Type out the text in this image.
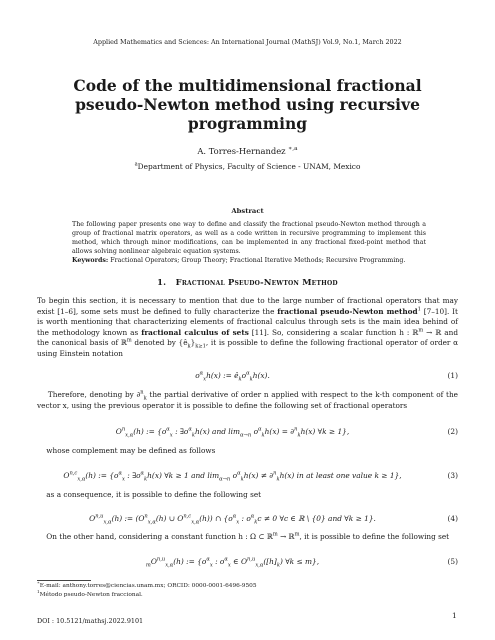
Applied Mathematics and Sciences: An International Journal (MathSJ) Vol.9, No.1, March 2022
Code of the multidimensional fractional pseudo-Newton method using recursive programming
A. Torres-Hernandez $^{∗,a}$
$^a$Department of Physics, Faculty of Science - UNAM, Mexico
Abstract
The following paper presents one way to define and classify the fractional pseudo-Newton method through a group of fractional matrix operators, as well as a code written in recursive programming to implement this method, which through minor modifications, can be implemented in any fractional fixed-point method that allows solving nonlinear algebraic equation systems.
Keywords: Fractional Operators; Group Theory; Fractional Iterative Methods; Recursive Programming.
1. Fractional Pseudo-Newton Method
To begin this section, it is necessary to mention that due to the large number of fractional operators that may exist [1–6], some sets must be defined to fully characterize the fractional pseudo-Newton method$^1$ [7–10]. It is worth mentioning that characterizing elements of fractional calculus through sets is the main idea behind of the methodology known as fractional calculus of sets [11]. So, considering a scalar function h : ℝ$^m$ → ℝ and the canonical basis of ℝ$^m$ denoted by $\{ê_k\}_{k\ge 1}$, it is possible to define the following fractional operator of order α using Einstein notation
$o^\alpha_xh(x)$ := $ê_ko^\alpha_kh(x)$.	(1)
Therefore, denoting by ∂$^n_k$ the partial derivative of order n applied with respect to the k-th component of the vector x, using the previous operator it is possible to define the following set of fractional operators
$O^n_{x,\alpha}(h)$ := {$o^\alpha_x$ : $\exists o^\alpha_kh(x)$ and $\lim_{\alpha\to n} o^\alpha_kh(x) = \partial^n_kh(x)$ ∀k ≥ 1},	(2)
whose complement may be defined as follows
O$^{n,c}_{x,\alpha}$(h) := {$o^\alpha_x$ : $\exists o^\alpha_kh(x)$ ∀k ≥ 1 and $\lim_{\alpha\to n} o^\alpha_kh(x) \ne \partial^n_kh(x)$ in at least one value k ≥ 1},	(3)
as a consequence, it is possible to define the following set
O$^{n,u}_{x,\alpha}$(h) := ($O^n_{x,\alpha}(h)$ ∪ O$^{n,c}_{x,\alpha}$(h)) ∩ {$o^\alpha_x$ : $o^\alpha_kc \ne 0$ ∀c ∈ ℝ \ {0} and ∀k ≥ 1}.	(4)
On the other hand, considering a constant function h : Ω ⊂ ℝ$^m$ → ℝ$^m$, it is possible to define the following set
$_mO^{n,u}_{x,\alpha}(h)$ := {$o^\alpha_x$ : $o^\alpha_x$ ∈ $O^{n,u}_{x,\alpha}([h]_k)$ ∀k ≤ m},	(5)
∗E-mail: anthony.torres@ciencias.unam.mx; ORCID: 0000-0001-6496-9505
$^1$Método pseudo-Newton fraccional.
1
DOI : 10.5121/mathsj.2022.9101
